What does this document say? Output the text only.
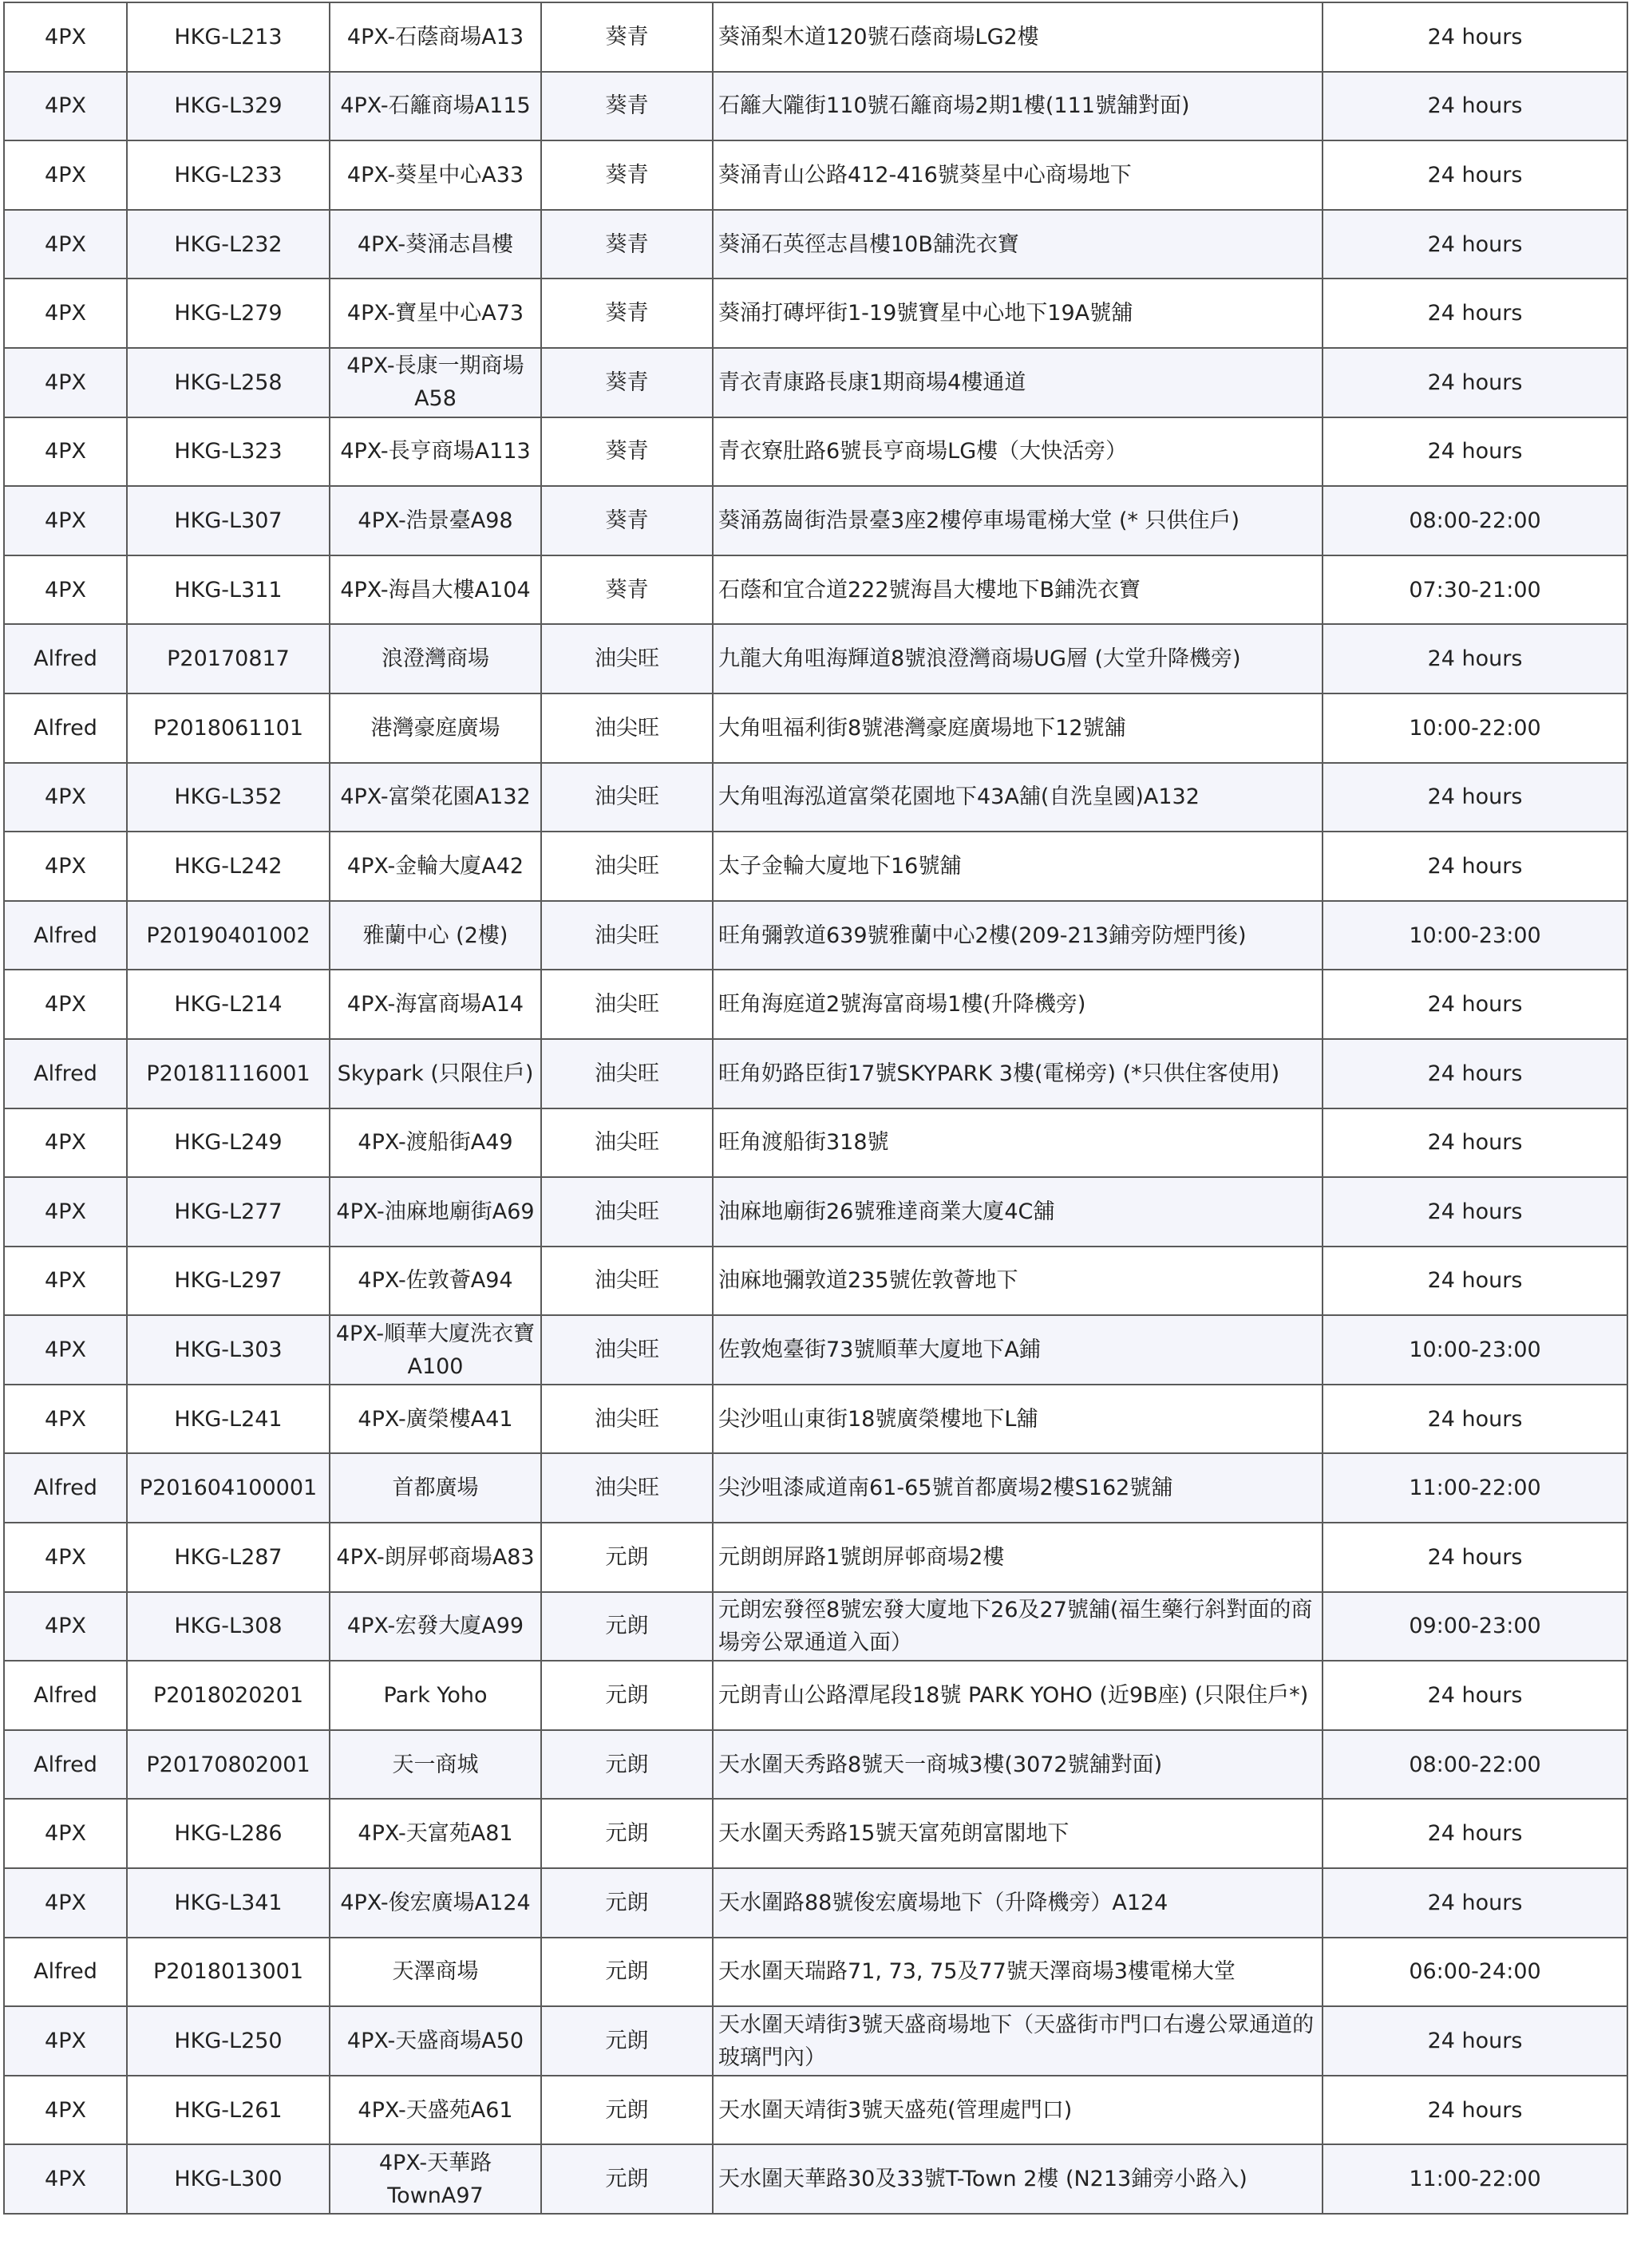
4PX	HKG-L213	4PX-石蔭商場A13	葵青	葵涌梨木道120號石蔭商場LG2樓	24 hours
4PX	HKG-L329	4PX-石籬商場A115	葵青	石籬大隴街110號石籬商場2期1樓(111號舖對面)	24 hours
4PX	HKG-L233	4PX-葵星中心A33	葵青	葵涌青山公路412-416號葵星中心商場地下	24 hours
4PX	HKG-L232	4PX-葵涌志昌樓	葵青	葵涌石英徑志昌樓10B舖洗衣寶	24 hours
4PX	HKG-L279	4PX-寶星中心A73	葵青	葵涌打磚坪街1-19號寶星中心地下19A號舖	24 hours
4PX	HKG-L258	4PX-長康一期商場A58	葵青	青衣青康路長康1期商場4樓通道	24 hours
4PX	HKG-L323	4PX-長亨商場A113	葵青	青衣寮肚路6號長亨商場LG樓（大快活旁）	24 hours
4PX	HKG-L307	4PX-浩景臺A98	葵青	葵涌荔崗街浩景臺3座2樓停車場電梯大堂 (* 只供住戶)	08:00-22:00
4PX	HKG-L311	4PX-海昌大樓A104	葵青	石蔭和宜合道222號海昌大樓地下B鋪洗衣寶	07:30-21:00
Alfred	P20170817	浪澄灣商場	油尖旺	九龍大角咀海輝道8號浪澄灣商場UG層 (大堂升降機旁)	24 hours
Alfred	P2018061101	港灣豪庭廣場	油尖旺	大角咀福利街8號港灣豪庭廣場地下12號舖	10:00-22:00
4PX	HKG-L352	4PX-富榮花園A132	油尖旺	大角咀海泓道富榮花園地下43A舖(自洗皇國)A132	24 hours
4PX	HKG-L242	4PX-金輪大廈A42	油尖旺	太子金輪大廈地下16號舖	24 hours
Alfred	P20190401002	雅蘭中心 (2樓)	油尖旺	旺角彌敦道639號雅蘭中心2樓(209-213鋪旁防煙門後)	10:00-23:00
4PX	HKG-L214	4PX-海富商場A14	油尖旺	旺角海庭道2號海富商場1樓(升降機旁)	24 hours
Alfred	P20181116001	Skypark (只限住戶)	油尖旺	旺角奶路臣街17號SKYPARK 3樓(電梯旁) (*只供住客使用)	24 hours
4PX	HKG-L249	4PX-渡船街A49	油尖旺	旺角渡船街318號	24 hours
4PX	HKG-L277	4PX-油麻地廟街A69	油尖旺	油麻地廟街26號雅達商業大廈4C舖	24 hours
4PX	HKG-L297	4PX-佐敦薈A94	油尖旺	油麻地彌敦道235號佐敦薈地下	24 hours
4PX	HKG-L303	4PX-順華大廈洗衣寶A100	油尖旺	佐敦炮臺街73號順華大廈地下A鋪	10:00-23:00
4PX	HKG-L241	4PX-廣榮樓A41	油尖旺	尖沙咀山東街18號廣榮樓地下L舖	24 hours
Alfred	P201604100001	首都廣場	油尖旺	尖沙咀漆咸道南61-65號首都廣場2樓S162號舖	11:00-22:00
4PX	HKG-L287	4PX-朗屏邨商場A83	元朗	元朗朗屏路1號朗屏邨商場2樓	24 hours
4PX	HKG-L308	4PX-宏發大廈A99	元朗	元朗宏發徑8號宏發大廈地下26及27號舖(福生藥行斜對面的商場旁公眾通道入面）	09:00-23:00
Alfred	P2018020201	Park Yoho	元朗	元朗青山公路潭尾段18號 PARK YOHO (近9B座) (只限住戶*)	24 hours
Alfred	P20170802001	天一商城	元朗	天水圍天秀路8號天一商城3樓(3072號舖對面)	08:00-22:00
4PX	HKG-L286	4PX-天富苑A81	元朗	天水圍天秀路15號天富苑朗富閣地下	24 hours
4PX	HKG-L341	4PX-俊宏廣場A124	元朗	天水圍路88號俊宏廣場地下（升降機旁）A124	24 hours
Alfred	P2018013001	天澤商場	元朗	天水圍天瑞路71, 73, 75及77號天澤商場3樓電梯大堂	06:00-24:00
4PX	HKG-L250	4PX-天盛商場A50	元朗	天水圍天靖街3號天盛商場地下（天盛街市門口右邊公眾通道的玻璃門內）	24 hours
4PX	HKG-L261	4PX-天盛苑A61	元朗	天水圍天靖街3號天盛苑(管理處門口)	24 hours
4PX	HKG-L300	4PX-天華路TownA97	元朗	天水圍天華路30及33號T-Town 2樓 (N213鋪旁小路入)	11:00-22:00
